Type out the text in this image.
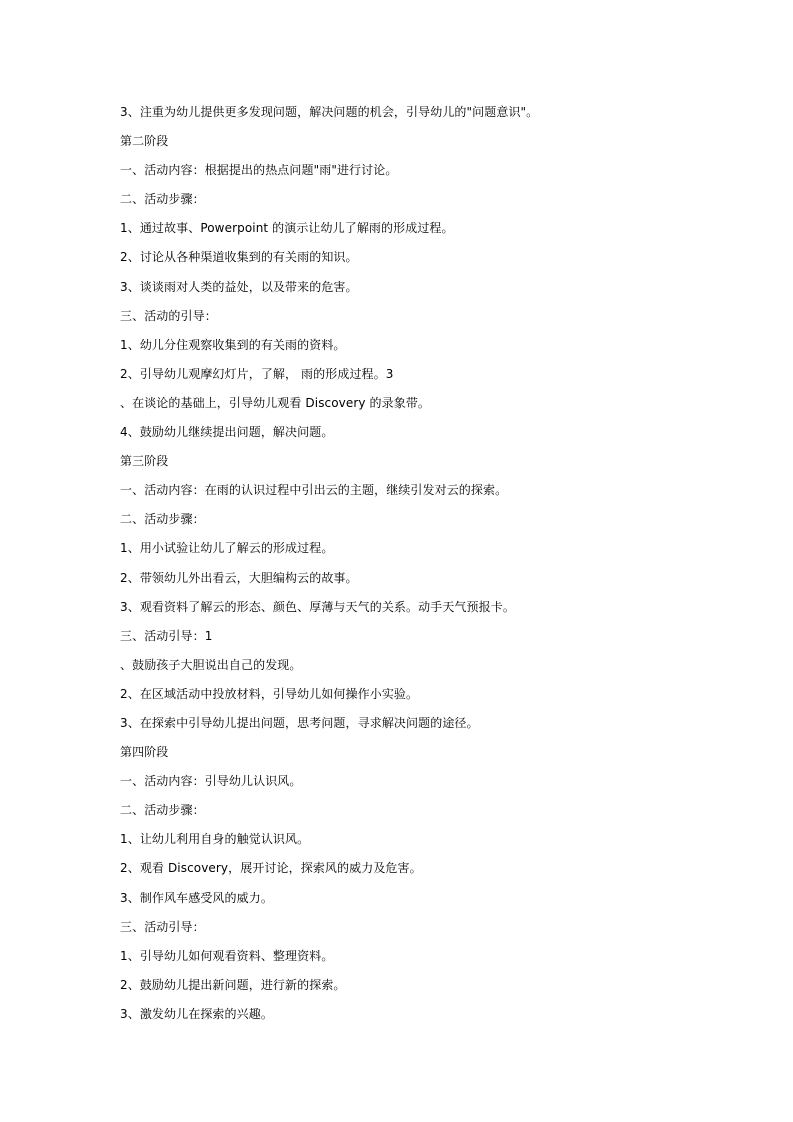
3、注重为幼儿提供更多发现问题，解决问题的机会，引导幼儿的"问题意识"。
第二阶段
一、活动内容：根据提出的热点问题"雨"进行讨论。
二、活动步骤：
1、通过故事、Powerpoint 的演示让幼儿了解雨的形成过程。
2、讨论从各种渠道收集到的有关雨的知识。
3、谈谈雨对人类的益处，以及带来的危害。
三、活动的引导：
1、幼儿分住观察收集到的有关雨的资料。
2、引导幼儿观摩幻灯片，了解， 雨的形成过程。3
、在谈论的基础上，引导幼儿观看 Discovery 的录象带。
4、鼓励幼儿继续提出问题，解决问题。
第三阶段
一、活动内容：在雨的认识过程中引出云的主题，继续引发对云的探索。
二、活动步骤：
1、用小试验让幼儿了解云的形成过程。
2、带领幼儿外出看云，大胆编构云的故事。
3、观看资料了解云的形态、颜色、厚薄与天气的关系。动手天气预报卡。
三、活动引导：1
、鼓励孩子大胆说出自己的发现。
2、在区域活动中投放材料，引导幼儿如何操作小实验。
3、在探索中引导幼儿提出问题，思考问题，寻求解决问题的途径。
第四阶段
一、活动内容：引导幼儿认识风。
二、活动步骤：
1、让幼儿利用自身的触觉认识风。
2、观看 Discovery，展开讨论，探索风的威力及危害。
3、制作风车感受风的威力。
三、活动引导：
1、引导幼儿如何观看资料、整理资料。
2、鼓励幼儿提出新问题，进行新的探索。
3、激发幼儿在探索的兴趣。
